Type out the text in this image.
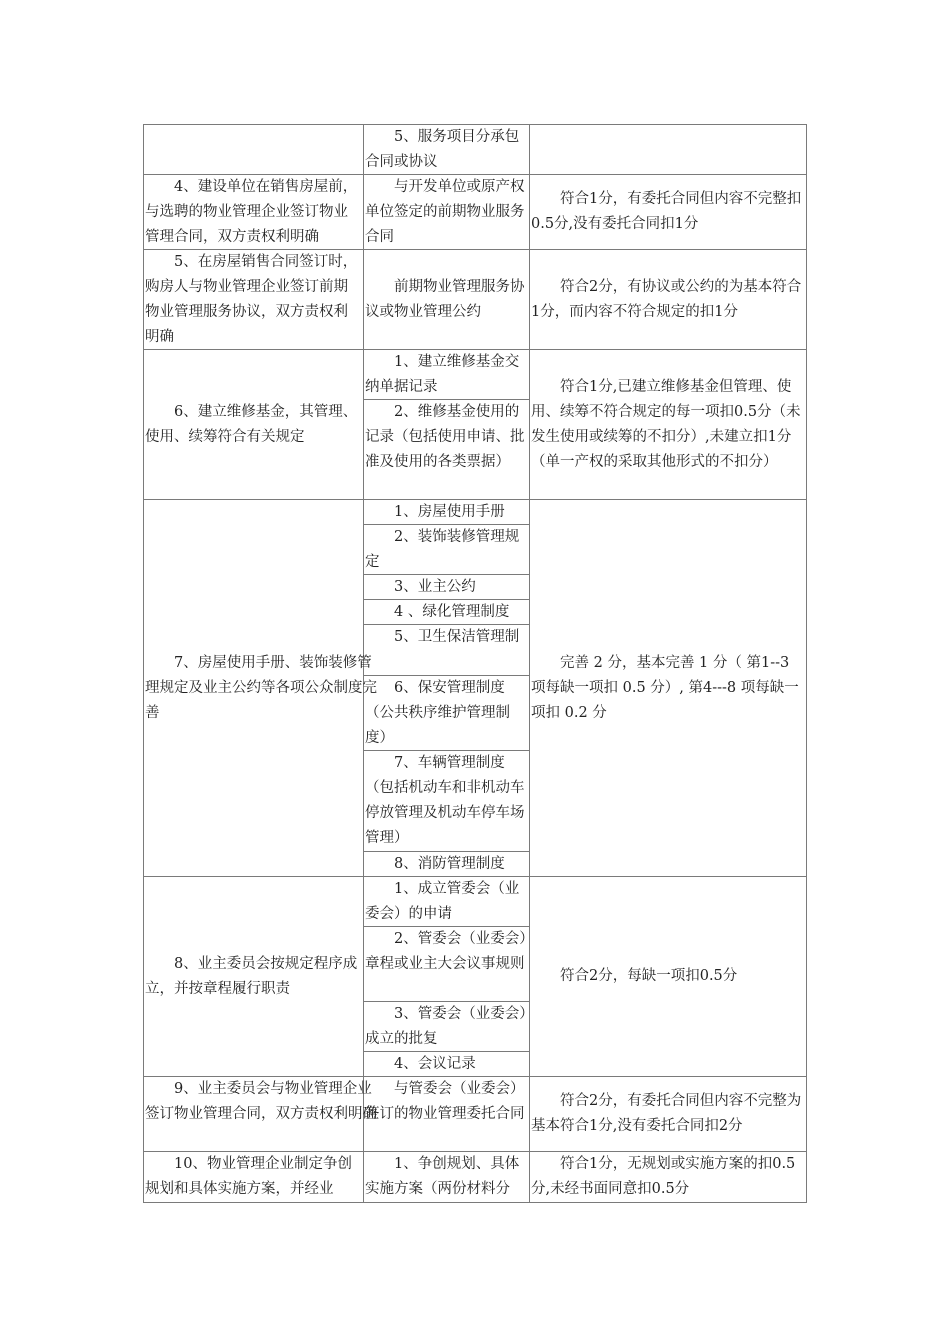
5、服务项目分承包合同或协议
4、建设单位在销售房屋前，与选聘的物业管理企业签订物业管理合同，双方责权利明确
与开发单位或原产权单位签定的前期物业服务合同
符合1分，有委托合同但内容不完整扣0.5分,没有委托合同扣1分
5、在房屋销售合同签订时，购房人与物业管理企业签订前期物业管理服务协议，双方责权利明确
前期物业管理服务协议或物业管理公约
符合2分，有协议或公约的为基本符合1分，而内容不符合规定的扣1分
6、建立维修基金，其管理、使用、续筹符合有关规定
1、建立维修基金交纳单据记录
2、维修基金使用的记录（包括使用申请、批准及使用的各类票据）
符合1分,已建立维修基金但管理、使用、续筹不符合规定的每一项扣0.5分（未发生使用或续筹的不扣分）,未建立扣1分（单一产权的采取其他形式的不扣分）
7、房屋使用手册、装饰装修管理规定及业主公约等各项公众制度完善
1、房屋使用手册
2、装饰装修管理规定
3、业主公约
4 、绿化管理制度
5、卫生保洁管理制
6、保安管理制度（公共秩序维护管理制度）
7、车辆管理制度（包括机动车和非机动车停放管理及机动车停车场管理）
8、消防管理制度
完善 2 分，基本完善 1 分（ 第1--3 项每缺一项扣 0.5 分）, 第4---8 项每缺一项扣 0.2 分
8、业主委员会按规定程序成立，并按章程履行职责
1、成立管委会（业委会）的申请
2、管委会（业委会）章程或业主大会议事规则
3、管委会（业委会）成立的批复
4、会议记录
符合2分，每缺一项扣0.5分
9、业主委员会与物业管理企业签订物业管理合同，双方责权利明确
与管委会（业委会）签订的物业管理委托合同
符合2分，有委托合同但内容不完整为基本符合1分,没有委托合同扣2分
10、物业管理企业制定争创规划和具体实施方案，并经业
1、争创规划、具体实施方案（两份材料分
符合1分，无规划或实施方案的扣0.5分,未经书面同意扣0.5分
